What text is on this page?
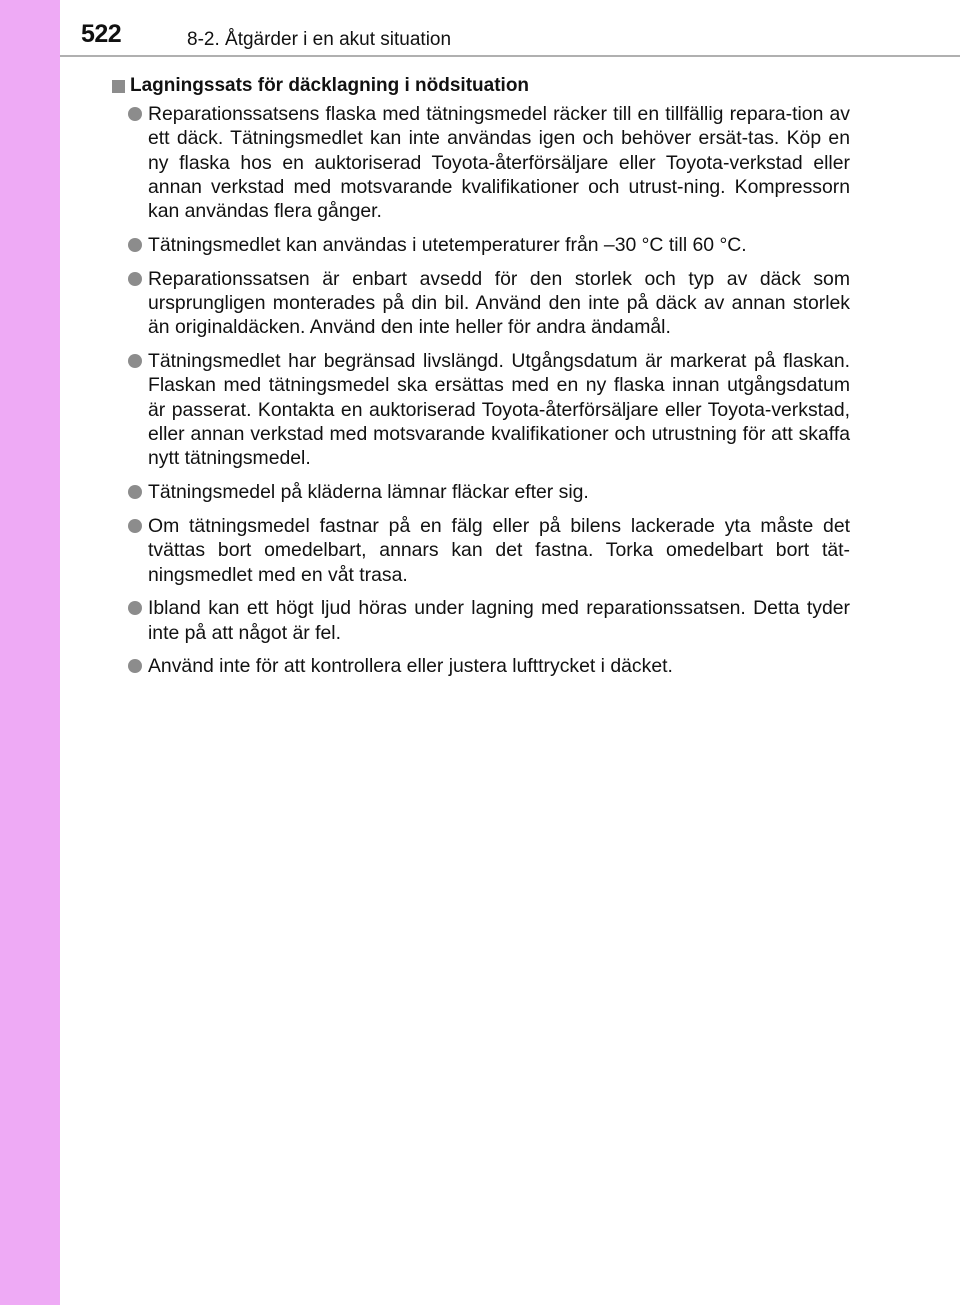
522	8-2. Åtgärder i en akut situation
Lagningssats för däcklagning i nödsituation
Reparationssatsens flaska med tätningsmedel räcker till en tillfällig repara-tion av ett däck. Tätningsmedlet kan inte användas igen och behöver ersät-tas. Köp en ny flaska hos en auktoriserad Toyota-återförsäljare eller Toyota-verkstad eller annan verkstad med motsvarande kvalifikationer och utrust-ning. Kompressorn kan användas flera gånger.
Tätningsmedlet kan användas i utetemperaturer från –30 °C till 60 °C.
Reparationssatsen är enbart avsedd för den storlek och typ av däck som ursprungligen monterades på din bil. Använd den inte på däck av annan storlek än originaldäcken. Använd den inte heller för andra ändamål.
Tätningsmedlet har begränsad livslängd. Utgångsdatum är markerat på flaskan. Flaskan med tätningsmedel ska ersättas med en ny flaska innan utgångsdatum är passerat. Kontakta en auktoriserad Toyota-återförsäljare eller Toyota-verkstad, eller annan verkstad med motsvarande kvalifikationer och utrustning för att skaffa nytt tätningsmedel.
Tätningsmedel på kläderna lämnar fläckar efter sig.
Om tätningsmedel fastnar på en fälg eller på bilens lackerade yta måste det tvättas bort omedelbart, annars kan det fastna. Torka omedelbart bort tät-ningsmedlet med en våt trasa.
Ibland kan ett högt ljud höras under lagning med reparationssatsen. Detta tyder inte på att något är fel.
Använd inte för att kontrollera eller justera lufttrycket i däcket.
